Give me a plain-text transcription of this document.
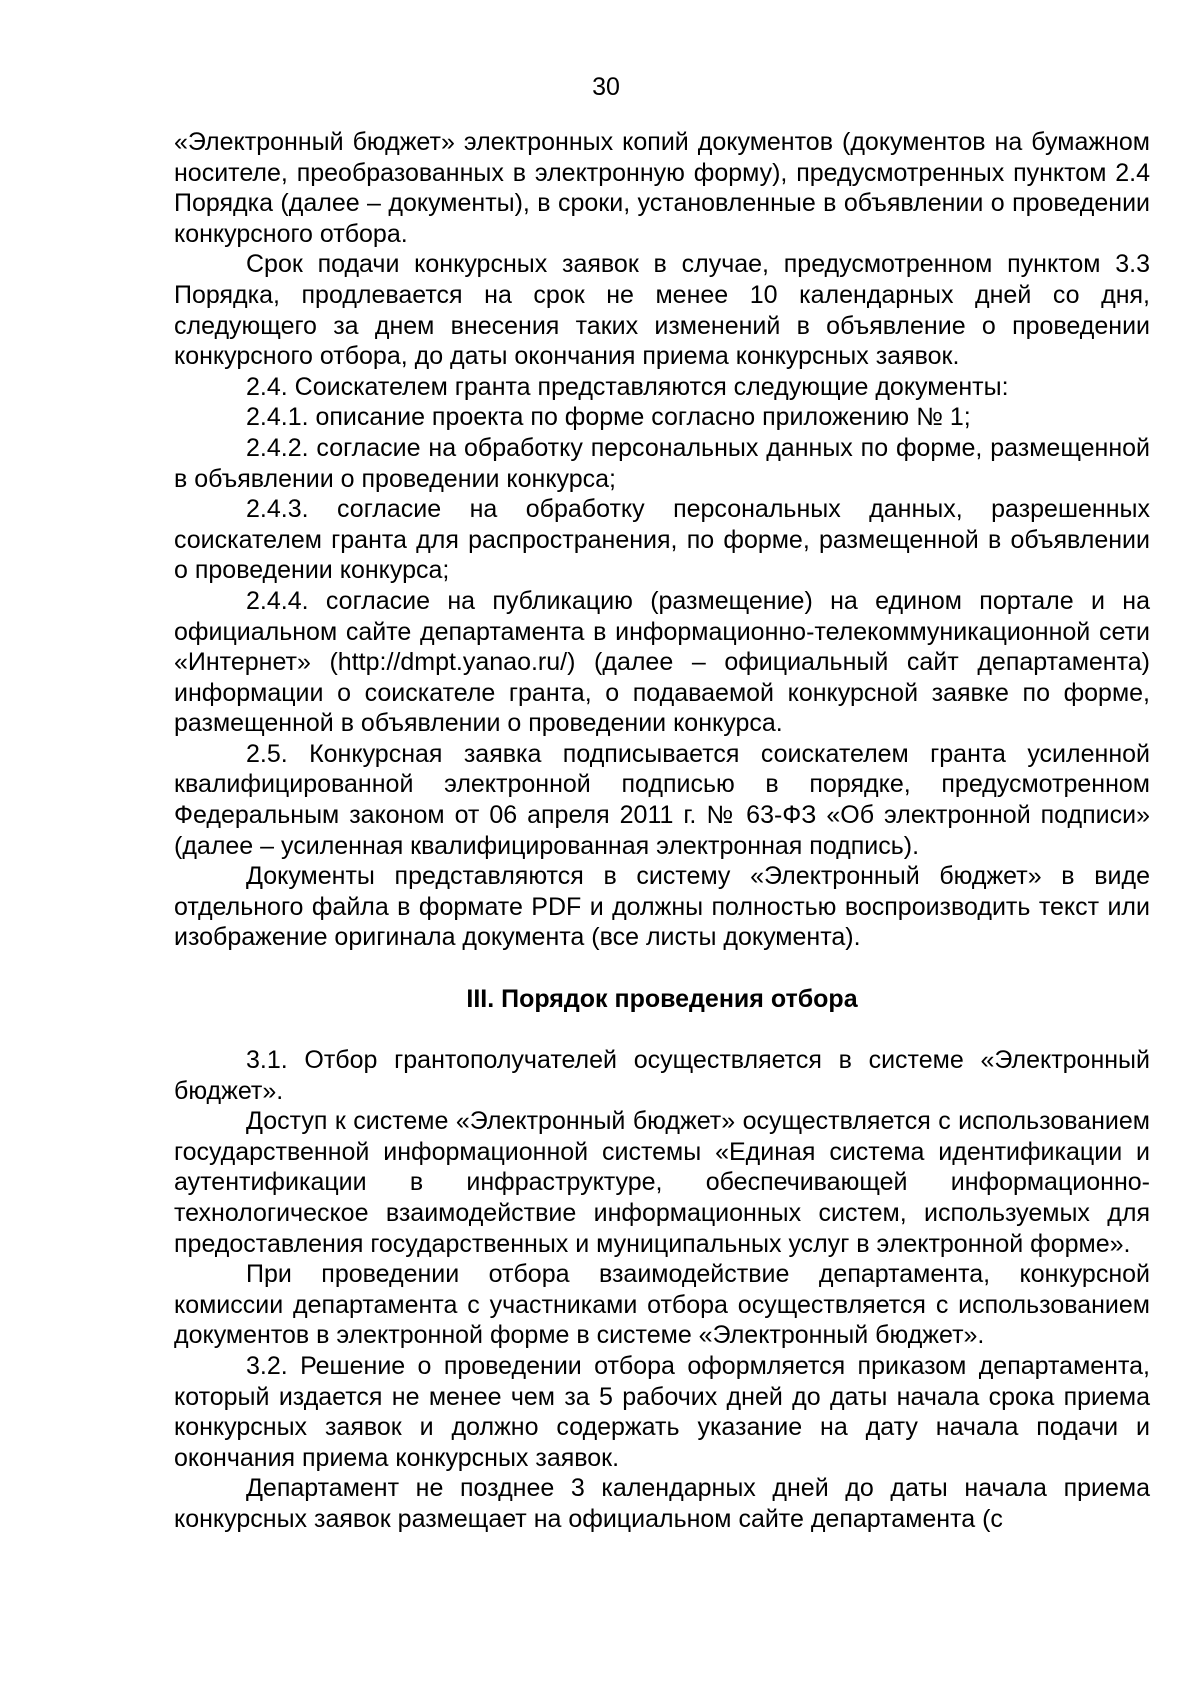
30

«Электронный бюджет» электронных копий документов (документов на бумажном носителе, преобразованных в электронную форму), предусмотренных пунктом 2.4 Порядка (далее – документы), в сроки, установленные в объявлении о проведении конкурсного отбора.

Срок подачи конкурсных заявок в случае, предусмотренном пунктом 3.3 Порядка, продлевается на срок не менее 10 календарных дней со дня, следующего за днем внесения таких изменений в объявление о проведении конкурсного отбора, до даты окончания приема конкурсных заявок.

2.4. Соискателем гранта представляются следующие документы:

2.4.1. описание проекта по форме согласно приложению № 1;

2.4.2. согласие на обработку персональных данных по форме, размещенной в объявлении о проведении конкурса;

2.4.3. согласие на обработку персональных данных, разрешенных соискателем гранта для распространения, по форме, размещенной в объявлении о проведении конкурса;

2.4.4. согласие на публикацию (размещение) на едином портале и на официальном сайте департамента в информационно-телекоммуникационной сети «Интернет» (http://dmpt.yanao.ru/) (далее – официальный сайт департамента) информации о соискателе гранта, о подаваемой конкурсной заявке по форме, размещенной в объявлении о проведении конкурса.

2.5. Конкурсная заявка подписывается соискателем гранта усиленной квалифицированной электронной подписью в порядке, предусмотренном Федеральным законом от 06 апреля 2011 г. № 63-ФЗ «Об электронной подписи» (далее – усиленная квалифицированная электронная подпись).

Документы представляются в систему «Электронный бюджет» в виде отдельного файла в формате PDF и должны полностью воспроизводить текст или изображение оригинала документа (все листы документа).

III. Порядок проведения отбора

3.1. Отбор грантополучателей осуществляется в системе «Электронный бюджет».

Доступ к системе «Электронный бюджет» осуществляется с использованием государственной информационной системы «Единая система идентификации и аутентификации в инфраструктуре, обеспечивающей информационно-технологическое взаимодействие информационных систем, используемых для предоставления государственных и муниципальных услуг в электронной форме».

При проведении отбора взаимодействие департамента, конкурсной комиссии департамента с участниками отбора осуществляется с использованием документов в электронной форме в системе «Электронный бюджет».

3.2. Решение о проведении отбора оформляется приказом департамента, который издается не менее чем за 5 рабочих дней до даты начала срока приема конкурсных заявок и должно содержать указание на дату начала подачи и окончания приема конкурсных заявок.

Департамент не позднее 3 календарных дней до даты начала приема конкурсных заявок размещает на официальном сайте департамента (с
